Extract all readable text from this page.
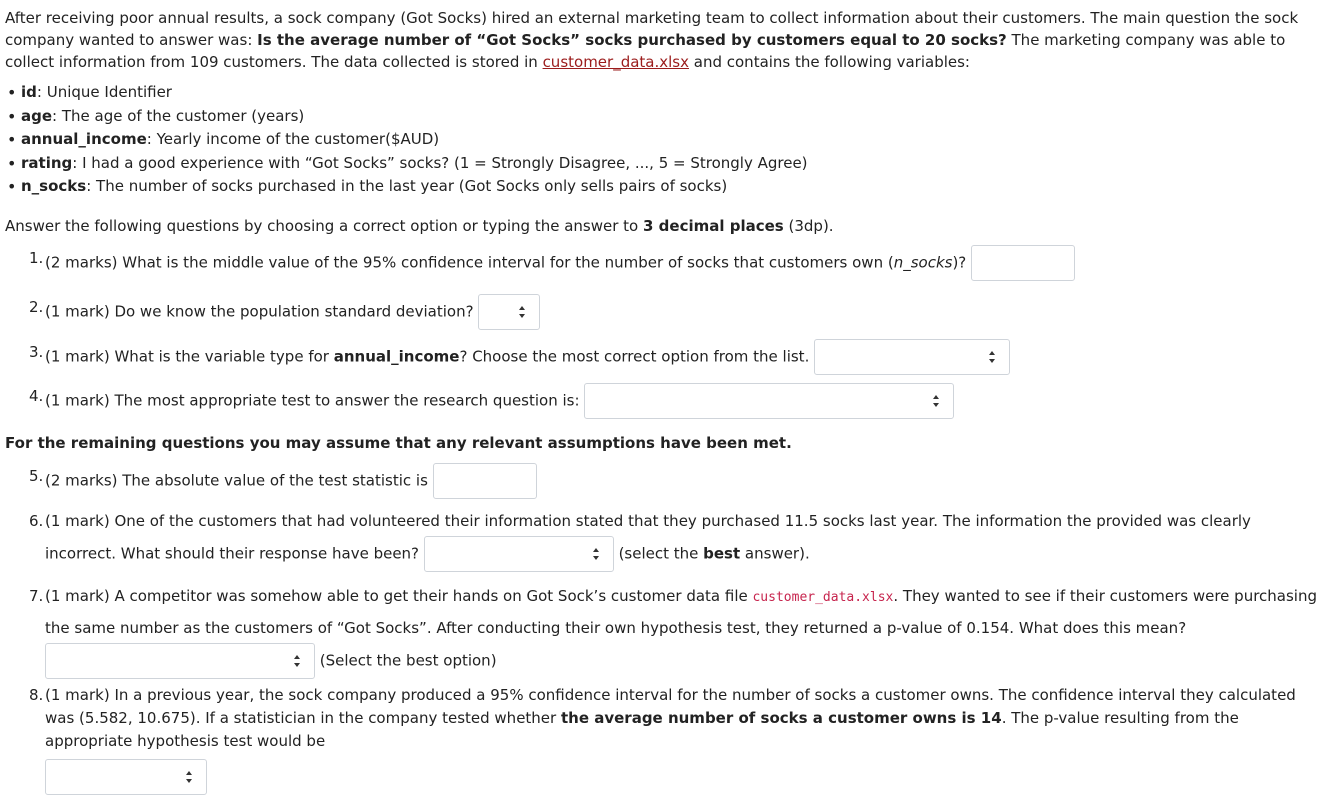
After receiving poor annual results, a sock company (Got Socks) hired an external marketing team to collect information about their customers. The main question the sock company wanted to answer was: Is the average number of “Got Socks” socks purchased by customers equal to 20 socks? The marketing company was able to collect information from 109 customers. The data collected is stored in customer_data.xlsx and contains the following variables:

• id: Unique Identifier
• age: The age of the customer (years)
• annual_income: Yearly income of the customer($AUD)
• rating: I had a good experience with “Got Socks” socks? (1 = Strongly Disagree, ..., 5 = Strongly Agree)
• n_socks: The number of socks purchased in the last year (Got Socks only sells pairs of socks)

Answer the following questions by choosing a correct option or typing the answer to 3 decimal places (3dp).

1. (2 marks) What is the middle value of the 95% confidence interval for the number of socks that customers own (n_socks)?
2. (1 mark) Do we know the population standard deviation?
3. (1 mark) What is the variable type for annual_income? Choose the most correct option from the list.
4. (1 mark) The most appropriate test to answer the research question is:

For the remaining questions you may assume that any relevant assumptions have been met.

5. (2 marks) The absolute value of the test statistic is
6. (1 mark) One of the customers that had volunteered their information stated that they purchased 11.5 socks last year. The information the provided was clearly incorrect. What should their response have been?	(select the best answer).
7. (1 mark) A competitor was somehow able to get their hands on Got Sock’s customer data file customer_data.xlsx. They wanted to see if their customers were purchasing the same number as the customers of “Got Socks”. After conducting their own hypothesis test, they returned a p-value of 0.154. What does this mean?
(Select the best option)
8. (1 mark) In a previous year, the sock company produced a 95% confidence interval for the number of socks a customer owns. The confidence interval they calculated was (5.582, 10.675). If a statistician in the company tested whether the average number of socks a customer owns is 14. The p-value resulting from the appropriate hypothesis test would be
